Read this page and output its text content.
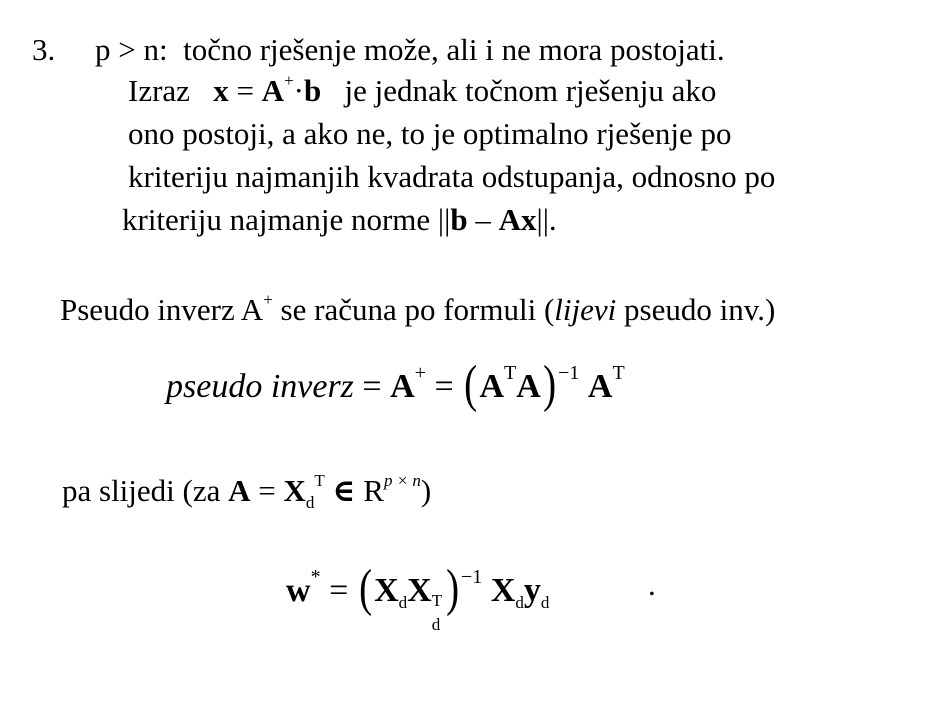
3. p > n: točno rješenje može, ali i ne mora postojati.
Izraz x = A+·b je jednak točnom rješenju ako
ono postoji, a ako ne, to je optimalno rješenje po
kriteriju najmanjih kvadrata odstupanja, odnosno po
kriteriju najmanje norme ||b – Ax||.
Pseudo inverz A+ se računa po formuli (lijevi pseudo inv.)
pseudo inverz = $A^+ = (A^TA)$ $^{-1}$ $A^T$
pa slijedi (za $A = X_d^T$ ∈ $R^{p \times n}$)
$w^* = (X_dX$ T
d
) $^{-1}$ $X_dy_d$
.
